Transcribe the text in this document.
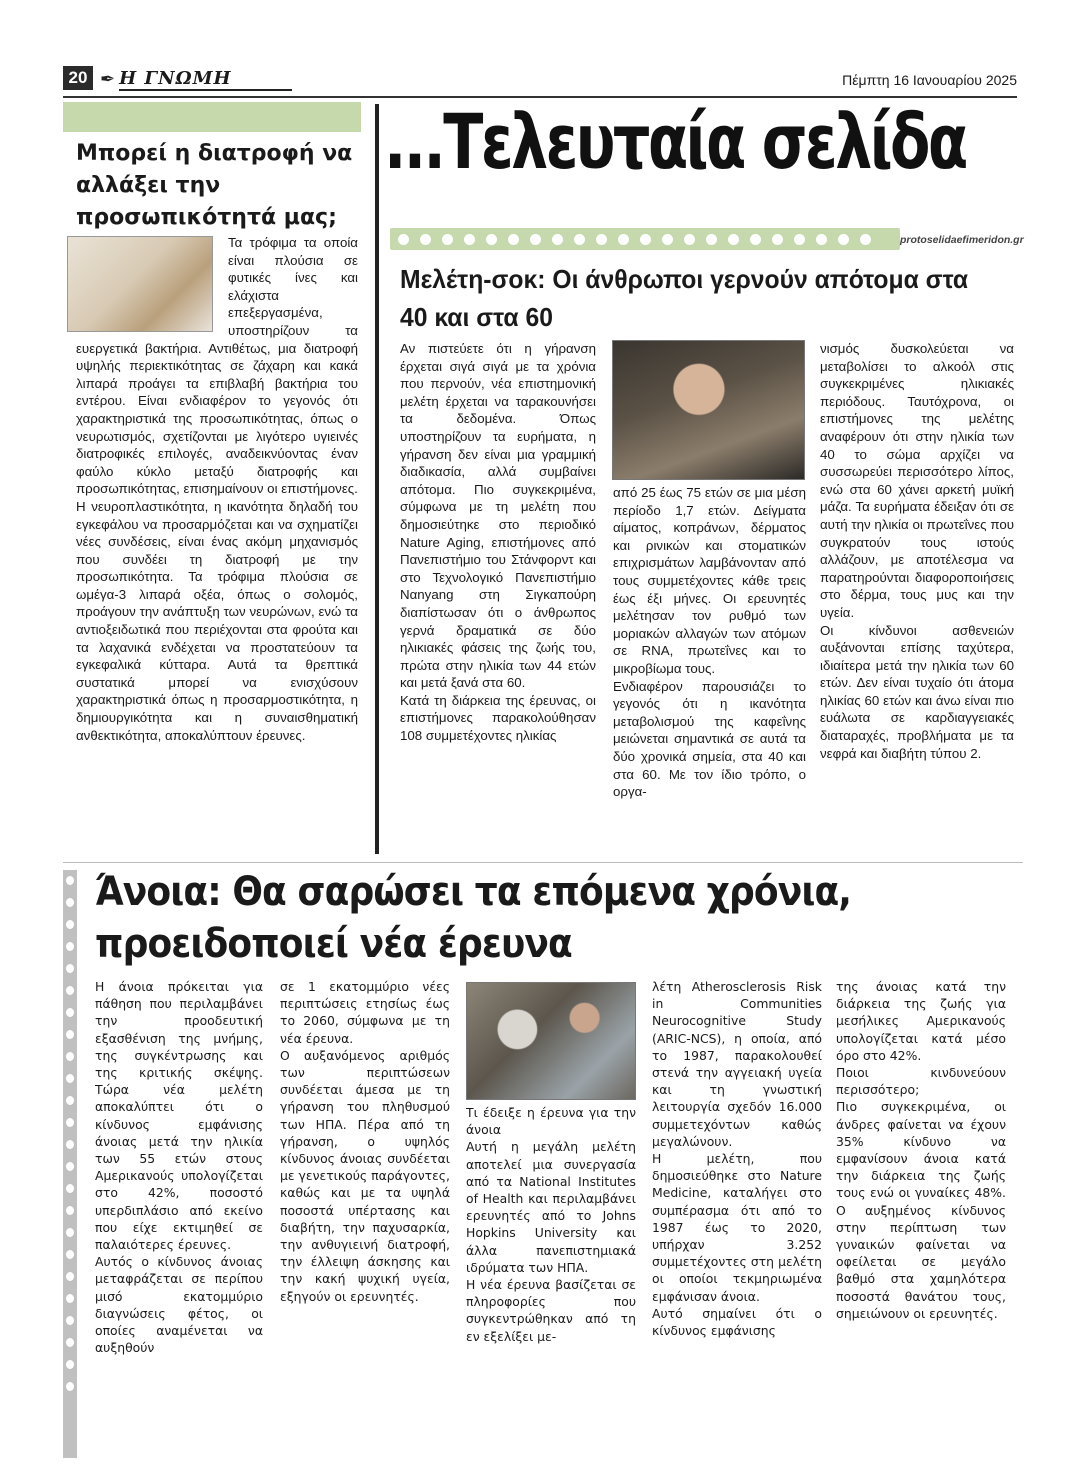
20 ✒ Η ΓΝΩΜΗ	Πέμπτη 16 Ιανουαρίου 2025
Μπορεί η διατροφή να αλλάξει την προσωπικότητά μας;

Τα τρόφιμα τα οποία είναι πλούσια σε φυτικές ίνες και ελάχιστα επεξεργασμένα, υποστηρίζουν τα ευεργετικά βακτήρια. Αντιθέτως, μια διατροφή υψηλής περιεκτικότητας σε ζάχαρη και κακά λιπαρά προάγει τα επιβλαβή βακτήρια του εντέρου. Είναι ενδιαφέρον το γεγονός ότι χαρακτηριστικά της προσωπικότητας, όπως ο νευρωτισμός, σχετίζονται με λιγότερο υγιεινές διατροφικές επιλογές, αναδεικνύοντας έναν φαύλο κύκλο μεταξύ διατροφής και προσωπικότητας, επισημαίνουν οι επιστήμονες.

Η νευροπλαστικότητα, η ικανότητα δηλαδή του εγκεφάλου να προσαρμόζεται και να σχηματίζει νέες συνδέσεις, είναι ένας ακόμη μηχανισμός που συνδέει τη διατροφή με την προσωπικότητα. Τα τρόφιμα πλούσια σε ωμέγα-3 λιπαρά οξέα, όπως ο σολομός, προάγουν την ανάπτυξη των νευρώνων, ενώ τα αντιοξειδωτικά που περιέχονται στα φρούτα και τα λαχανικά ενδέχεται να προστατεύουν τα εγκεφαλικά κύτταρα. Αυτά τα θρεπτικά συστατικά μπορεί να ενισχύσουν χαρακτηριστικά όπως η προσαρμοστικότητα, η δημιουργικότητα και η συναισθηματική ανθεκτικότητα, αποκαλύπτουν έρευνες.

...Τελευταία σελίδα
protoselidaefimeridon.gr
Μελέτη-σοκ: Οι άνθρωποι γερνούν απότομα στα 40 και στα 60

Αν πιστεύετε ότι η γήρανση έρχεται σιγά σιγά με τα χρόνια που περνούν, νέα επιστημονική μελέτη έρχεται να ταρακουνήσει τα δεδομένα. Όπως υποστηρίζουν τα ευρήματα, η γήρανση δεν είναι μια γραμμική διαδικασία, αλλά συμβαίνει απότομα. Πιο συγκεκριμένα, σύμφωνα με τη μελέτη που δημοσιεύτηκε στο περιοδικό Nature Aging, επιστήμονες από Πανεπιστήμιο του Στάνφορντ και στο Τεχνολογικό Πανεπιστήμιο Ναnyang στη Σιγκαπούρη διαπίστωσαν ότι ο άνθρωπος γερνά δραματικά σε δύο ηλικιακές φάσεις της ζωής του, πρώτα στην ηλικία των 44 ετών και μετά ξανά στα 60.

Κατά τη διάρκεια της έρευνας, οι επιστήμονες παρακολούθησαν 108 συμμετέχοντες ηλικίας

από 25 έως 75 ετών σε μια μέση περίοδο 1,7 ετών. Δείγματα αίματος, κοπράνων, δέρματος και ρινικών και στοματικών επιχρισμάτων λαμβάνονταν από τους συμμετέχοντες κάθε τρεις έως έξι μήνες. Οι ερευνητές μελέτησαν τον ρυθμό των μοριακών αλλαγών των ατόμων σε RNA, πρωτεΐνες και το μικροβίωμα τους.

Ενδιαφέρον παρουσιάζει το γεγονός ότι η ικανότητα μεταβολισμού της καφεΐνης μειώνεται σημαντικά σε αυτά τα δύο χρονικά σημεία, στα 40 και στα 60. Με τον ίδιο τρόπο, ο οργα-

νισμός δυσκολεύεται να μεταβολίσει το αλκοόλ στις συγκεκριμένες ηλικιακές περιόδους. Ταυτόχρονα, οι επιστήμονες της μελέτης αναφέρουν ότι στην ηλικία των 40 το σώμα αρχίζει να συσσωρεύει περισσότερο λίπος, ενώ στα 60 χάνει αρκετή μυϊκή μάζα. Τα ευρήματα έδειξαν ότι σε αυτή την ηλικία οι πρωτεΐνες που συγκρατούν τους ιστούς αλλάζουν, με αποτέλεσμα να παρατηρούνται διαφοροποιήσεις στο δέρμα, τους μυς και την υγεία.

Οι κίνδυνοι ασθενειών αυξάνονται επίσης ταχύτερα, ιδιαίτερα μετά την ηλικία των 60 ετών. Δεν είναι τυχαίο ότι άτομα ηλικίας 60 ετών και άνω είναι πιο ευάλωτα σε καρδιαγγειακές διαταραχές, προβλήματα με τα νεφρά και διαβήτη τύπου 2.

Άνοια: Θα σαρώσει τα επόμενα χρόνια, προειδοποιεί νέα έρευνα

Η άνοια πρόκειται για πάθηση που περιλαμβάνει την προοδευτική εξασθένιση της μνήμης, της συγκέντρωσης και της κριτικής σκέψης. Τώρα νέα μελέτη αποκαλύπτει ότι ο κίνδυνος εμφάνισης άνοιας μετά την ηλικία των 55 ετών στους Αμερικανούς υπολογίζεται στο 42%, ποσοστό υπερδιπλάσιο από εκείνο που είχε εκτιμηθεί σε παλαιότερες έρευνες.

Αυτός ο κίνδυνος άνοιας μεταφράζεται σε περίπου μισό εκατομμύριο διαγνώσεις φέτος, οι οποίες αναμένεται να αυξηθούν

σε 1 εκατομμύριο νέες περιπτώσεις ετησίως έως το 2060, σύμφωνα με τη νέα έρευνα.

Ο αυξανόμενος αριθμός των περιπτώσεων συνδέεται άμεσα με τη γήρανση του πληθυσμού των ΗΠΑ. Πέρα από τη γήρανση, ο υψηλός κίνδυνος άνοιας συνδέεται με γενετικούς παράγοντες, καθώς και με τα υψηλά ποσοστά υπέρτασης και διαβήτη, την παχυσαρκία, την ανθυγιεινή διατροφή, την έλλειψη άσκησης και την κακή ψυχική υγεία, εξηγούν οι ερευνητές.

Τι έδειξε η έρευνα για την άνοια

Αυτή η μεγάλη μελέτη αποτελεί μια συνεργασία από τα National Institutes of Health και περιλαμβάνει ερευνητές από το Johns Hopkins University και άλλα πανεπιστημιακά ιδρύματα των ΗΠΑ.

Η νέα έρευνα βασίζεται σε πληροφορίες που συγκεντρώθηκαν από τη εν εξελίξει με-

λέτη Atherosclerosis Risk in Communities Neurocognitive Study (ARIC-NCS), η οποία, από το 1987, παρακολουθεί στενά την αγγειακή υγεία και τη γνωστική λειτουργία σχεδόν 16.000 συμμετεχόντων καθώς μεγαλώνουν.

Η μελέτη, που δημοσιεύθηκε στο Nature Medicine, καταλήγει στο συμπέρασμα ότι από το 1987 έως το 2020, υπήρχαν 3.252 συμμετέχοντες στη μελέτη οι οποίοι τεκμηριωμένα εμφάνισαν άνοια.

Αυτό σημαίνει ότι ο κίνδυνος εμφάνισης

της άνοιας κατά την διάρκεια της ζωής για μεσήλικες Αμερικανούς υπολογίζεται κατά μέσο όρο στο 42%.

Ποιοι κινδυνεύουν περισσότερο;

Πιο συγκεκριμένα, οι άνδρες φαίνεται να έχουν 35% κίνδυνο να εμφανίσουν άνοια κατά την διάρκεια της ζωής τους ενώ οι γυναίκες 48%. Ο αυξημένος κίνδυνος στην περίπτωση των γυναικών φαίνεται να οφείλεται σε μεγάλο βαθμό στα χαμηλότερα ποσοστά θανάτου τους, σημειώνουν οι ερευνητές.
